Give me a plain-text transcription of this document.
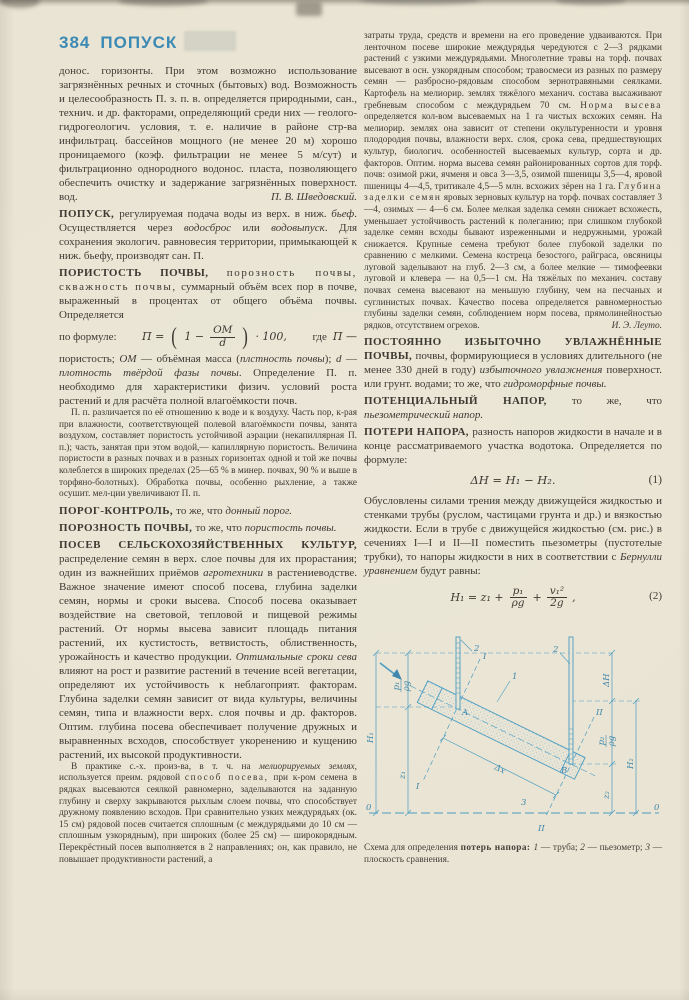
384 ПОПУСК

донос. горизонты. При этом возможно использование загрязнённых речных и сточных (бытовых) вод. Возможность и целесообразность П. з. п. в. определяется природными, сан., технич. и др. факторами, определяющий среди них — геолого-гидрогеологич. условия, т. е. наличие в районе стр-ва инфильтрац. бассейнов мощного (не менее 20 м) хорошо проницаемого (коэф. фильтрации не менее 5 м/сут) и фильтрационно однородного водонос. пласта, позволяющего обеспечить очистку и задержание загрязнённых поверхност. вод.	П. В. Шведовский.

ПОПУСК, регулируемая подача воды из верх. в ниж. бьеф. Осуществляется через водосброс или водовыпуск. Для сохранения экологич. равновесия территории, примыкающей к ниж. бьефу, производят сан. П.

ПОРИСТОСТЬ ПОЧВЫ, порозность почвы, скважность почвы, суммарный объём всех пор в почве, выраженный в процентах от общего объёма почвы. Определяется

по формуле: П = ( $1 - \frac{ОМ}{d}$ ) · 100, где П —

пористость; ОМ — объёмная масса (плстность почвы); d — плотность твёрдой фазы почвы. Определение П. п. необходимо для характеристики физич. условий роста растений и для расчёта полной влагоёмкости почв.

П. п. различается по её отношению к воде и к воздуху. Часть пор, к-рая при влажности, соответствующей полевой влагоёмкости почвы, занята воздухом, составляет пористость устойчивой аэрации (некапиллярная П. п.); часть, занятая при этом водой,— капиллярную пористость. Величина пористости в разных почвах и в разных горизонтах одной и той же почвы колеблется в широких пределах (25—65 % в минер. почвах, 90 % и выше в торфяно-болотных). Обработка почвы, особенно рыхление, а также осушит. мел-ции увеличивают П. п.

ПОРОГ-КОНТРОЛЬ, то же, что донный порог.

ПОРОЗНОСТЬ ПОЧВЫ, то же, что пористость почвы.

ПОСЕВ СЕЛЬСКОХОЗЯЙСТВЕННЫХ КУЛЬТУР, распределение семян в верх. слое почвы для их прорастания; один из важнейших приёмов агротехники в растениеводстве. Важное значение имеют способ посева, глубина заделки семян, нормы и сроки высева. Способ посева оказывает воздействие на световой, тепловой и пищевой режимы растений. От нормы высева зависит площадь питания растений, их кустистость, ветвистость, облиственность, урожайность и качество продукции. Оптимальные сроки сева влияют на рост и развитие растений в течение всей вегетации, определяют их устойчивость к неблагоприят. факторам. Глубина заделки семян зависит от вида культуры, величины семян, типа и влажности верх. слоя почвы и др. факторов. Оптим. глубина посева обеспечивает получение дружных и выравненных всходов, способствует укоренению и кущению растений, их высокой продуктивности.

В практике с.-х. произ-ва, в т. ч. на мелиорируемых землях, используется преим. рядовой способ посева, при к-ром семена в рядках высеваются сеялкой равномерно, заделываются на заданную глубину и сверху закрываются рыхлым слоем почвы, что способствует дружному появлению всходов. При сравнительно узких междурядьях (ок. 15 см) рядовой посев считается сплошным (с междурядьями до 10 см — сплошным узкорядным), при широких (более 25 см) — широкорядным. Перекрёстный посев выполняется в 2 направлениях; он, как правило, не повышает продуктивности растений, а

затраты труда, средств и времени на его проведение удваиваются. При ленточном посеве широкие междурядья чередуются с 2—3 рядками растений с узкими междурядьями. Многолетние травы на торф. почвах высевают в осн. узкорядным способом; травосмеси из разных по размеру семян — разбросно-рядовым способом зернотравяными сеялками. Картофель на мелиорир. землях тяжёлого механич. состава высаживают гребневым способом с междурядьем 70 см. Норма высева определяется кол-вом высеваемых на 1 га чистых всхожих семян. На мелиорир. землях она зависит от степени окультуренности и уровня плодородия почвы, влажности верх. слоя, срока сева, предшествующих культур, биологич. особенностей высеваемых культур, сорта и др. факторов. Оптим. норма высева семян районированных сортов для торф. почв: озимой ржи, ячменя и овса 3—3,5, озимой пшеницы 3,5—4, яровой пшеницы 4—4,5, тритикале 4,5—5 млн. всхожих зёрен на 1 га. Глубина заделки семян яровых зерновых культур на торф. почвах составляет 3—4, озимых — 4—6 см. Более мелкая заделка семян снижает всхожесть, уменьшает устойчивость растений к полеганию; при слишком глубокой заделке семян всходы бывают изреженными и недружными, урожай снижается. Крупные семена требуют более глубокой заделки по сравнению с мелкими. Семена костреца безостого, райграса, овсяницы луговой заделывают на глуб. 2—3 см, а более мелкие — тимофеевки луговой и клевера — на 0,5—1 см. На тяжёлых по механич. составу почвах семена высевают на меньшую глубину, чем на песчаных и суглинистых почвах. Качество посева определяется равномерностью глубины заделки семян, соблюдением норм посева, прямолинейностью рядков, отсутствием огрехов.	И. Э. Леуто.

ПОСТОЯННО ИЗБЫТОЧНО УВЛАЖНЁННЫЕ ПОЧВЫ, почвы, формирующиеся в условиях длительного (не менее 330 дней в году) избыточного увлажнения поверхност. или грунт. водами; то же, что гидроморфные почвы.

ПОТЕНЦИАЛЬНЫЙ НАПОР, то же, что пьезометрический напор.

ПОТЕРИ НАПОРА, разность напоров жидкости в начале и в конце рассматриваемого участка водотока. Определяется по формуле:

ΔH = H₁ − H₂.	(1)

Обусловлены силами трения между движущейся жидкостью и стенками трубы (руслом, частицами грунта и др.) и вязкостью жидкости. Если в трубе с движущейся жидкостью (см. рис.) в сечениях I—I и II—II поместить пьезометры (пустотелые трубки), то напоры жидкости в них в соответствии с Бернулли уравнением будут равны:

$H_1 = z_1 + \frac{\text{p₁}}{\rho g} + \frac{\text{v₁²}}{2g}$ ,	(2)
H₁
z₁
p₁ ρg
2
I
I
1
A
Δx
3
B
II
II
2
ΔH
p₂ ρg
H₂
z₂
0	0

Схема для определения потерь напора: 1 — труба; 2 — пьезометр; 3 — плоскость сравнения.
